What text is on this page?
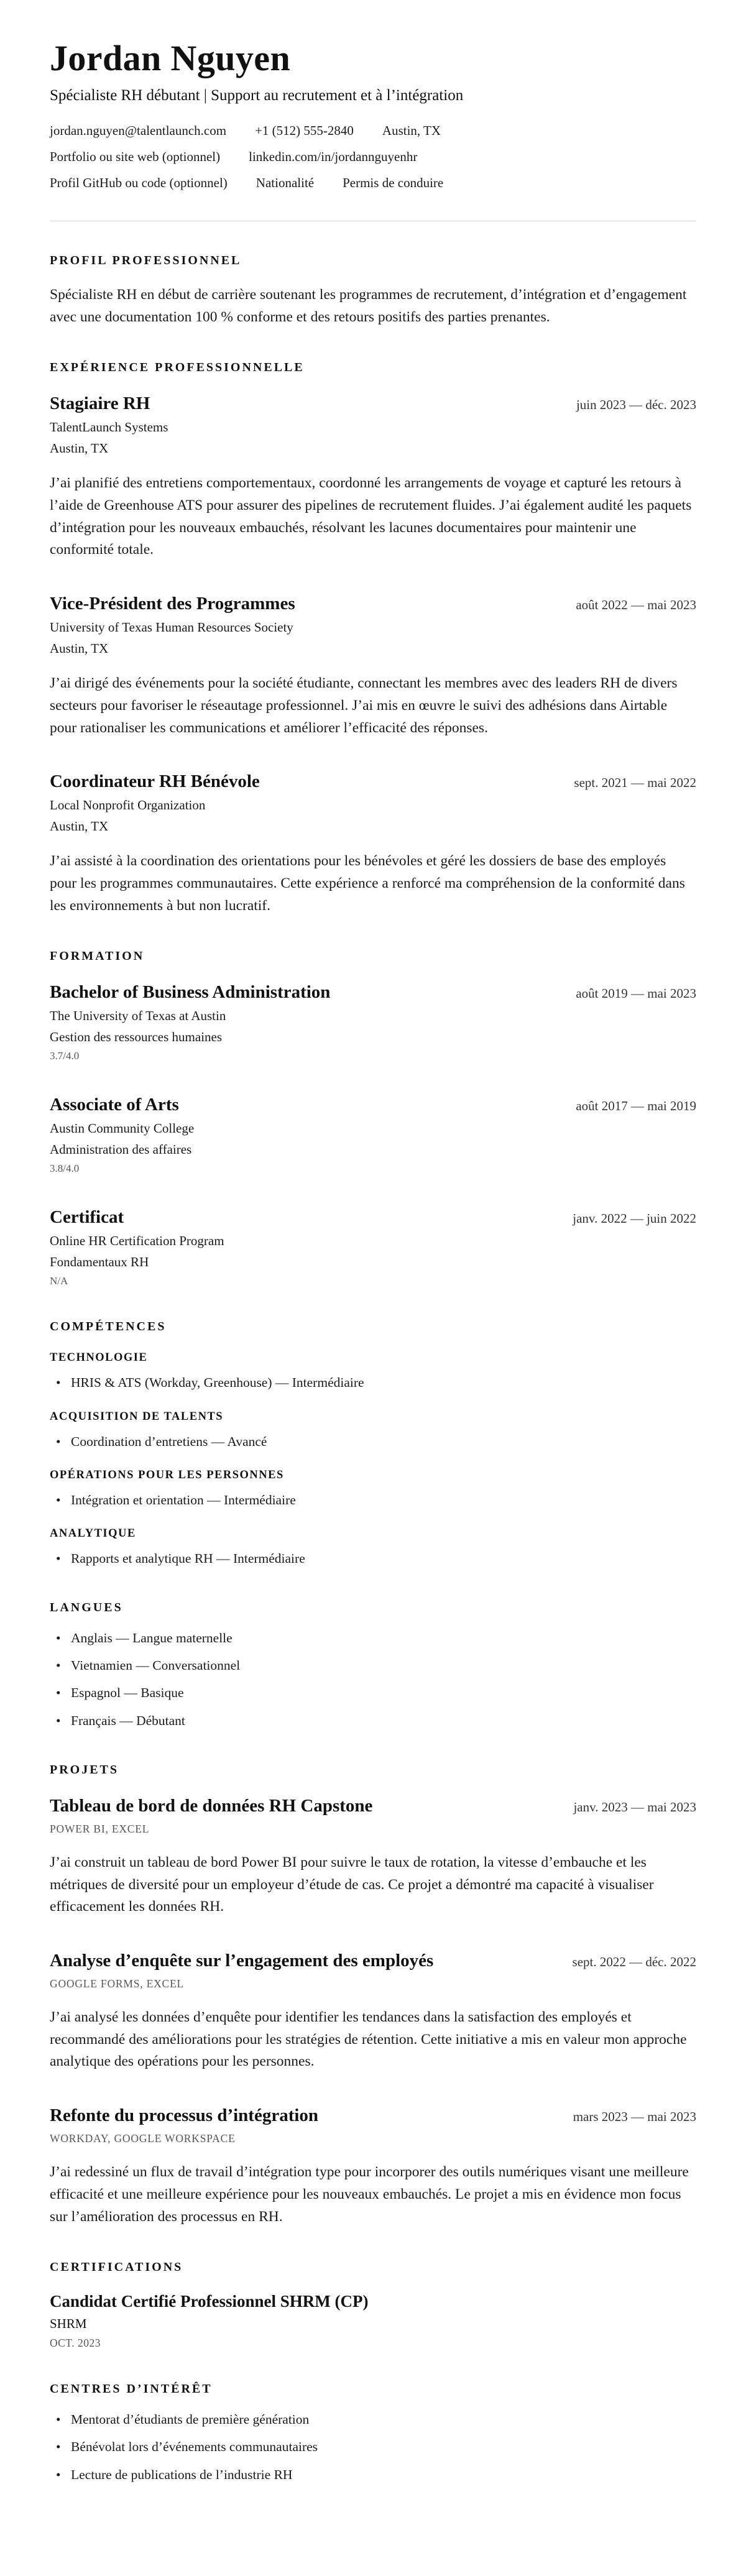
Jordan Nguyen
Spécialiste RH débutant | Support au recrutement et à l’intégration
jordan.nguyen@talentlaunch.com +1 (512) 555-2840 Austin, TX
Portfolio ou site web (optionnel) linkedin.com/in/jordannguyenhr
Profil GitHub ou code (optionnel) Nationalité Permis de conduire
PROFIL PROFESSIONNEL

Spécialiste RH en début de carrière soutenant les programmes de recrutement, d’intégration et d’engagement avec une documentation 100 % conforme et des retours positifs des parties prenantes.

EXPÉRIENCE PROFESSIONNELLE
Stagiaire RH	juin 2023 — déc. 2023
TalentLaunch Systems
Austin, TX

J’ai planifié des entretiens comportementaux, coordonné les arrangements de voyage et capturé les retours à l’aide de Greenhouse ATS pour assurer des pipelines de recrutement fluides. J’ai également audité les paquets d’intégration pour les nouveaux embauchés, résolvant les lacunes documentaires pour maintenir une conformité totale.

Vice-Président des Programmes	août 2022 — mai 2023
University of Texas Human Resources Society
Austin, TX

J’ai dirigé des événements pour la société étudiante, connectant les membres avec des leaders RH de divers secteurs pour favoriser le réseautage professionnel. J’ai mis en œuvre le suivi des adhésions dans Airtable pour rationaliser les communications et améliorer l’efficacité des réponses.

Coordinateur RH Bénévole	sept. 2021 — mai 2022
Local Nonprofit Organization
Austin, TX

J’ai assisté à la coordination des orientations pour les bénévoles et géré les dossiers de base des employés pour les programmes communautaires. Cette expérience a renforcé ma compréhension de la conformité dans les environnements à but non lucratif.

FORMATION
Bachelor of Business Administration	août 2019 — mai 2023
The University of Texas at Austin
Gestion des ressources humaines
3.7/4.0
Associate of Arts	août 2017 — mai 2019
Austin Community College
Administration des affaires
3.8/4.0
Certificat	janv. 2022 — juin 2022
Online HR Certification Program
Fondamentaux RH
N/A
COMPÉTENCES
TECHNOLOGIE
• HRIS & ATS (Workday, Greenhouse) — Intermédiaire
ACQUISITION DE TALENTS
• Coordination d’entretiens — Avancé
OPÉRATIONS POUR LES PERSONNES
• Intégration et orientation — Intermédiaire
ANALYTIQUE
• Rapports et analytique RH — Intermédiaire
LANGUES
• Anglais — Langue maternelle
• Vietnamien — Conversationnel
• Espagnol — Basique
• Français — Débutant
PROJETS
Tableau de bord de données RH Capstone	janv. 2023 — mai 2023
POWER BI, EXCEL

J’ai construit un tableau de bord Power BI pour suivre le taux de rotation, la vitesse d’embauche et les métriques de diversité pour un employeur d’étude de cas. Ce projet a démontré ma capacité à visualiser efficacement les données RH.

Analyse d’enquête sur l’engagement des employés	sept. 2022 — déc. 2022
GOOGLE FORMS, EXCEL

J’ai analysé les données d’enquête pour identifier les tendances dans la satisfaction des employés et recommandé des améliorations pour les stratégies de rétention. Cette initiative a mis en valeur mon approche analytique des opérations pour les personnes.

Refonte du processus d’intégration	mars 2023 — mai 2023
WORKDAY, GOOGLE WORKSPACE

J’ai redessiné un flux de travail d’intégration type pour incorporer des outils numériques visant une meilleure efficacité et une meilleure expérience pour les nouveaux embauchés. Le projet a mis en évidence mon focus sur l’amélioration des processus en RH.

CERTIFICATIONS
Candidat Certifié Professionnel SHRM (CP)
SHRM
OCT. 2023
CENTRES D’INTÉRÊT
• Mentorat d’étudiants de première génération
• Bénévolat lors d’événements communautaires
• Lecture de publications de l’industrie RH
